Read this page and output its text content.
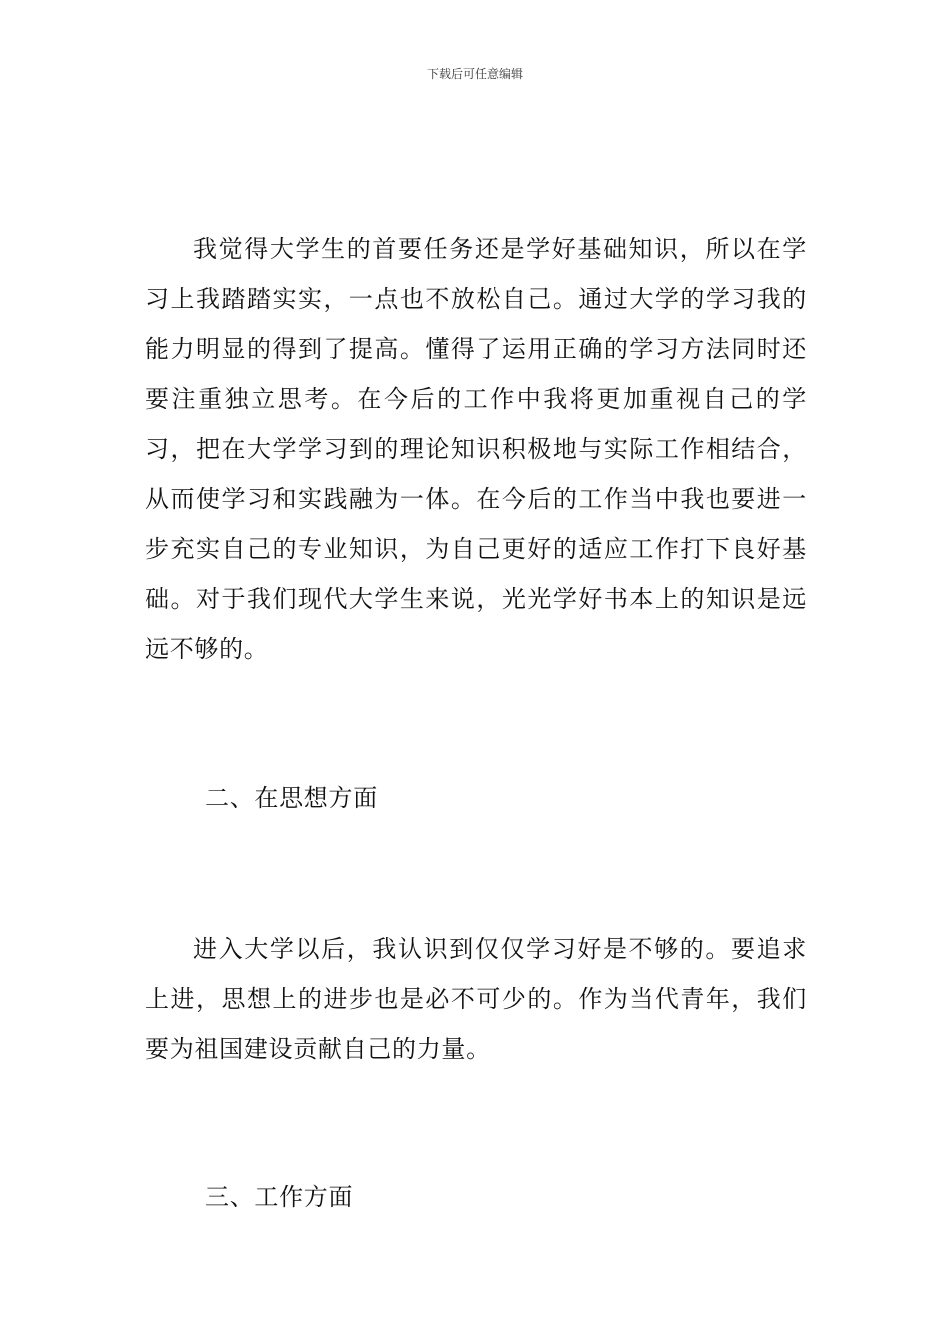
下载后可任意编辑

我觉得大学生的首要任务还是学好基础知识，所以在学习上我踏踏实实，一点也不放松自己。通过大学的学习我的能力明显的得到了提高。懂得了运用正确的学习方法同时还要注重独立思考。在今后的工作中我将更加重视自己的学习，把在大学学习到的理论知识积极地与实际工作相结合，从而使学习和实践融为一体。在今后的工作当中我也要进一步充实自己的专业知识，为自己更好的适应工作打下良好基础。对于我们现代大学生来说，光光学好书本上的知识是远远不够的。

二、在思想方面

进入大学以后，我认识到仅仅学习好是不够的。要追求上进，思想上的进步也是必不可少的。作为当代青年，我们要为祖国建设贡献自己的力量。

三、工作方面
